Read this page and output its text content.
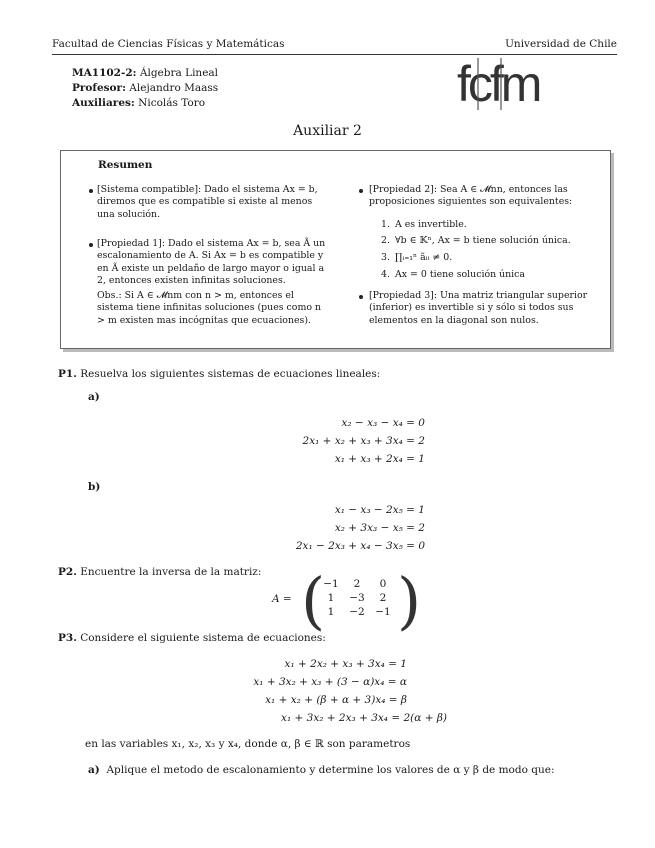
Facultad de Ciencias Físicas y Matemáticas	Universidad de Chile
MA1102-2: Álgebra Lineal
Profesor: Alejandro Maass
Auxiliares: Nicolás Toro	fcfm
Auxiliar 2
Resumen
[Sistema compatible]: Dado el sistema Ax = b, diremos que es compatible si existe al menos una solución.
[Propiedad 1]: Dado el sistema Ax = b, sea Ã un escalonamiento de A. Si Ax = b es compatible y en Ã existe un peldaño de largo mayor o igual a 2, entonces existen infinitas soluciones.
Obs.: Si A ∈ 𝓜nm con n > m, entonces el sistema tiene infinitas soluciones (pues como n > m existen mas incógnitas que ecuaciones).
[Propiedad 2]: Sea A ∈ 𝓜nn, entonces las proposiciones siguientes son equivalentes:
1. A es invertible.
2. ∀b ∈ 𝕂ⁿ, Ax = b tiene solución única.
3. ∏ᵢ₌₁ⁿ ãᵢᵢ ≠ 0.
4. Ax = 0 tiene solución única
[Propiedad 3]: Una matriz triangular superior (inferior) es invertible si y sólo si todos sus elementos en la diagonal son nulos.
P1. Resuelva los siguientes sistemas de ecuaciones lineales:
a)
x₂ − x₃ − x₄ = 0
2x₁ + x₂ + x₃ + 3x₄ = 2
x₁ + x₃ + 2x₄ = 1
b)
x₁ − x₃ − 2x₅ = 1
x₂ + 3x₃ − x₅ = 2
2x₁ − 2x₃ + x₄ − 3x₅ = 0
P2. Encuentre la inversa de la matriz:
A = ( )
−1	2	0
1	−3	2
1	−2	−1
P3. Considere el siguiente sistema de ecuaciones:
x₁ + 2x₂ + x₃ + 3x₄ = 1
x₁ + 3x₂ + x₃ + (3 − α)x₄ = α
x₁ + x₂ + (β + α + 3)x₄ = β
x₁ + 3x₂ + 2x₃ + 3x₄ = 2(α + β)
en las variables x₁, x₂, x₃ y x₄, donde α, β ∈ ℝ son parametros
a) Aplique el metodo de escalonamiento y determine los valores de α y β de modo que:
